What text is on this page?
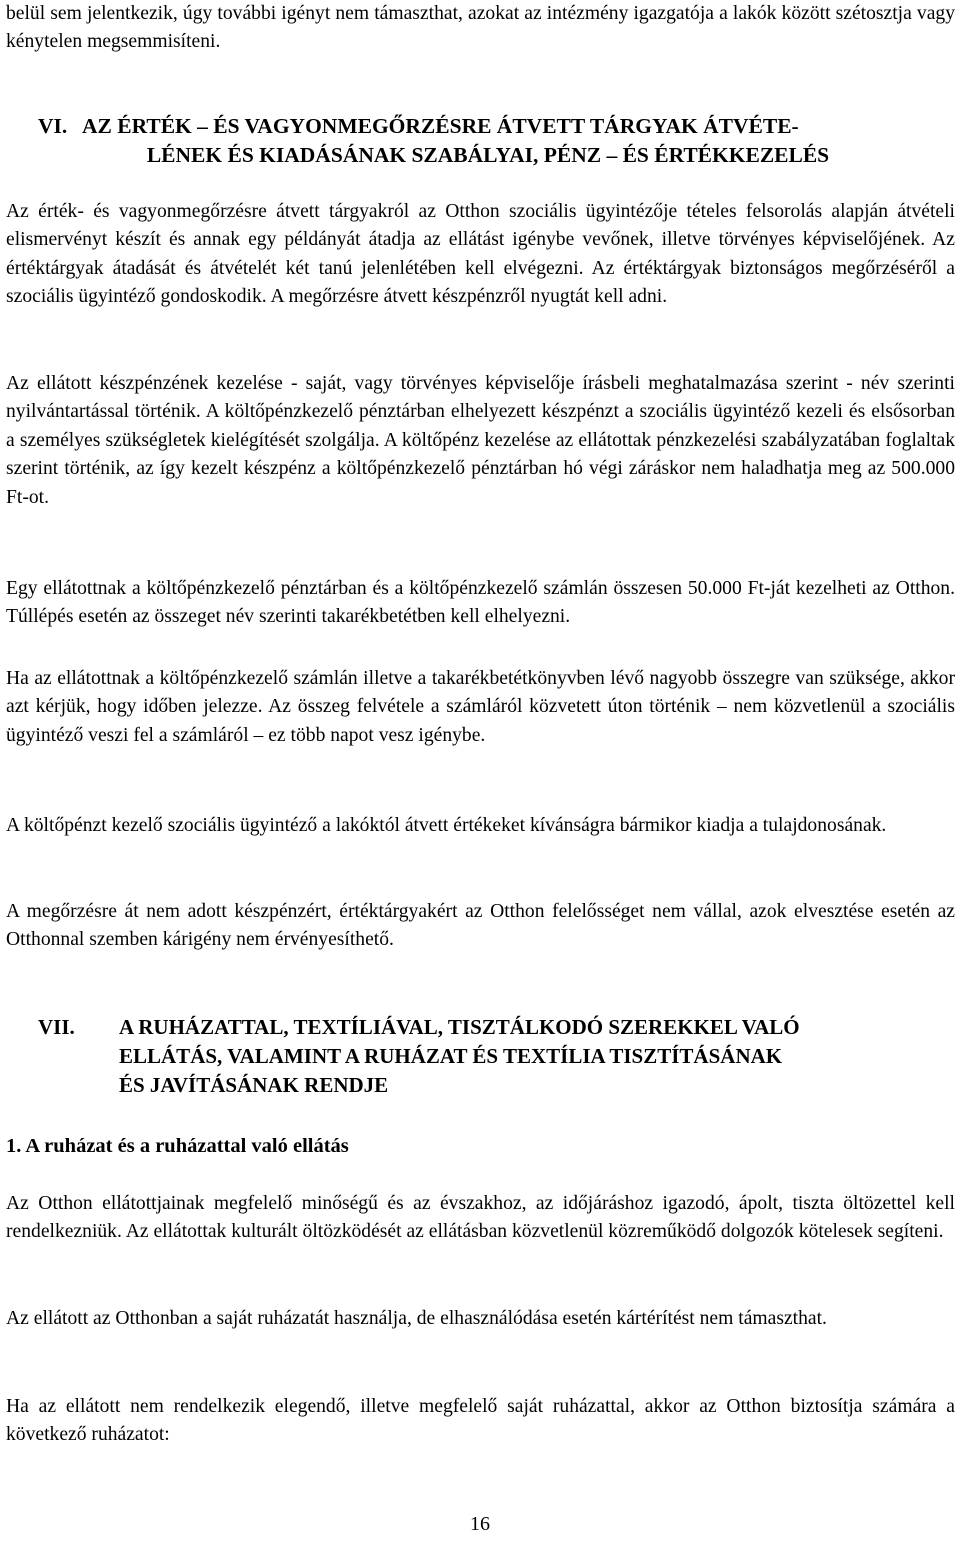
belül sem jelentkezik, úgy további igényt nem támaszthat, azokat az intézmény igazgatója a lakók között szétosztja vagy kénytelen megsemmisíteni.

VI. AZ ÉRTÉK – ÉS VAGYONMEGŐRZÉSRE ÁTVETT TÁRGYAK ÁTVÉTE-
LÉNEK ÉS KIADÁSÁNAK SZABÁLYAI, PÉNZ – ÉS ÉRTÉKKEZELÉS

Az érték- és vagyonmegőrzésre átvett tárgyakról az Otthon szociális ügyintézője tételes felsorolás alapján átvételi elismervényt készít és annak egy példányát átadja az ellátást igénybe vevőnek, illetve törvényes képviselőjének. Az értéktárgyak átadását és átvételét két tanú jelenlétében kell elvégezni. Az értéktárgyak biztonságos megőrzéséről a szociális ügyintéző gondoskodik. A megőrzésre átvett készpénzről nyugtát kell adni.

Az ellátott készpénzének kezelése - saját, vagy törvényes képviselője írásbeli meghatalmazása szerint - név szerinti nyilvántartással történik. A költőpénzkezelő pénztárban elhelyezett készpénzt a szociális ügyintéző kezeli és elsősorban a személyes szükségletek kielégítését szolgálja. A költőpénz kezelése az ellátottak pénzkezelési szabályzatában foglaltak szerint történik, az így kezelt készpénz a költőpénzkezelő pénztárban hó végi záráskor nem haladhatja meg az 500.000 Ft-ot.

Egy ellátottnak a költőpénzkezelő pénztárban és a költőpénzkezelő számlán összesen 50.000 Ft-ját kezelheti az Otthon. Túllépés esetén az összeget név szerinti takarékbetétben kell elhelyezni.

Ha az ellátottnak a költőpénzkezelő számlán illetve a takarékbetétkönyvben lévő nagyobb összegre van szüksége, akkor azt kérjük, hogy időben jelezze. Az összeg felvétele a számláról közvetett úton történik – nem közvetlenül a szociális ügyintéző veszi fel a számláról – ez több napot vesz igénybe.

A költőpénzt kezelő szociális ügyintéző a lakóktól átvett értékeket kívánságra bármikor kiadja a tulajdonosának.

A megőrzésre át nem adott készpénzért, értéktárgyakért az Otthon felelősséget nem vállal, azok elvesztése esetén az Otthonnal szemben kárigény nem érvényesíthető.

VII. A RUHÁZATTAL, TEXTÍLIÁVAL, TISZTÁLKODÓ SZEREKKEL VALÓ
ELLÁTÁS, VALAMINT A RUHÁZAT ÉS TEXTÍLIA TISZTÍTÁSÁNAK
ÉS JAVÍTÁSÁNAK RENDJE
1. A ruházat és a ruházattal való ellátás

Az Otthon ellátottjainak megfelelő minőségű és az évszakhoz, az időjáráshoz igazodó, ápolt, tiszta öltözettel kell rendelkezniük. Az ellátottak kulturált öltözködését az ellátásban közvetlenül közreműködő dolgozók kötelesek segíteni.

Az ellátott az Otthonban a saját ruházatát használja, de elhasználódása esetén kártérítést nem támaszthat.

Ha az ellátott nem rendelkezik elegendő, illetve megfelelő saját ruházattal, akkor az Otthon biztosítja számára a következő ruházatot:

16
